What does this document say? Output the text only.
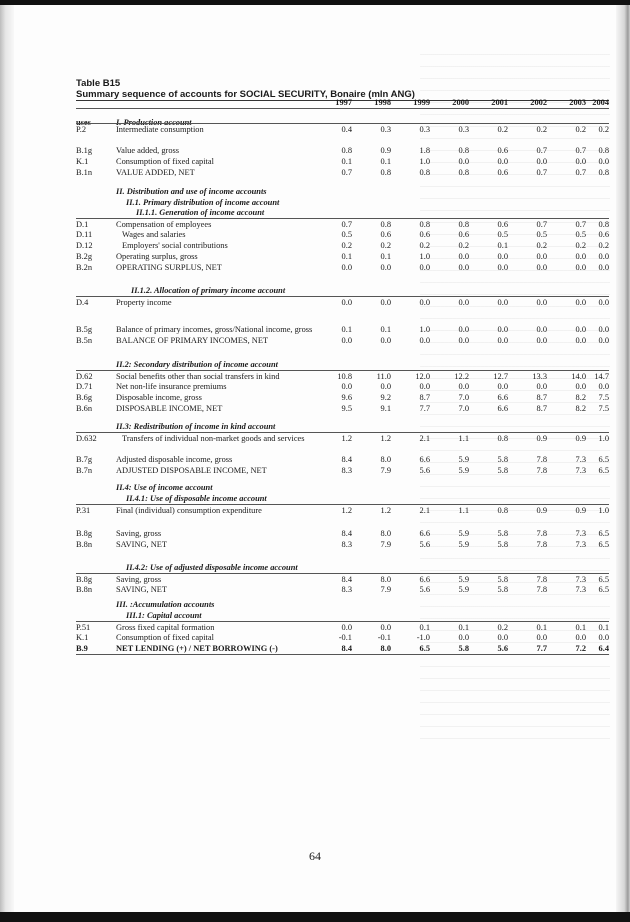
Table B15
Summary sequence of accounts for SOCIAL SECURITY, Bonaire (mln ANG)
1997	1998	1999	2000	2001	2002	2003 2004
uses	I. Production account
P.2	Intermediate consumption	0.4	0.3	0.3	0.3	0.2	0.2	0.2	0.2
B.1g	Value added, gross	0.8	0.9	1.8	0.8	0.6	0.7	0.7	0.8
K.1	Consumption of fixed capital	0.1	0.1	1.0	0.0	0.0	0.0	0.0	0.0
B.1n	VALUE ADDED, NET	0.7	0.8	0.8	0.8	0.6	0.7	0.7	0.8
D.1	Compensation of employees	0.7	0.8	0.8	0.8	0.6	0.7	0.7	0.8
D.11	Wages and salaries	0.5	0.6	0.6	0.6	0.5	0.5	0.5	0.6
D.12	Employers' social contributions	0.2	0.2	0.2	0.2	0.1	0.2	0.2	0.2
B.2g	Operating surplus, gross	0.1	0.1	1.0	0.0	0.0	0.0	0.0	0.0
B.2n	OPERATING SURPLUS, NET	0.0	0.0	0.0	0.0	0.0	0.0	0.0	0.0
D.4	Property income	0.0	0.0	0.0	0.0	0.0	0.0	0.0	0.0
B.5g	Balance of primary incomes, gross/National income, gross	0.1	0.1	1.0	0.0	0.0	0.0	0.0	0.0
B.5n	BALANCE OF PRIMARY INCOMES, NET	0.0	0.0	0.0	0.0	0.0	0.0	0.0	0.0
D.62	Social benefits other than social transfers in kind	10.8	11.0	12.0	12.2	12.7	13.3	14.0 14.7
D.71	Net non-life insurance premiums	0.0	0.0	0.0	0.0	0.0	0.0	0.0	0.0
B.6g	Disposable income, gross	9.6	9.2	8.7	7.0	6.6	8.7	8.2	7.5
B.6n	DISPOSABLE INCOME, NET	9.5	9.1	7.7	7.0	6.6	8.7	8.2	7.5
D.632	Transfers of individual non-market goods and services	1.2	1.2	2.1	1.1	0.8	0.9	0.9	1.0
B.7g	Adjusted disposable income, gross	8.4	8.0	6.6	5.9	5.8	7.8	7.3	6.5
B.7n	ADJUSTED DISPOSABLE INCOME, NET	8.3	7.9	5.6	5.9	5.8	7.8	7.3	6.5
P.31	Final (individual) consumption expenditure	1.2	1.2	2.1	1.1	0.8	0.9	0.9	1.0
B.8g	Saving, gross	8.4	8.0	6.6	5.9	5.8	7.8	7.3	6.5
B.8n	SAVING, NET	8.3	7.9	5.6	5.9	5.8	7.8	7.3	6.5
B.8g	Saving, gross	8.4	8.0	6.6	5.9	5.8	7.8	7.3	6.5
B.8n	SAVING, NET	8.3	7.9	5.6	5.9	5.8	7.8	7.3	6.5
P.51	Gross fixed capital formation	0.0	0.0	0.1	0.1	0.2	0.1	0.1	0.1
K.1	Consumption of fixed capital	-0.1	-0.1	-1.0	0.0	0.0	0.0	0.0	0.0
B.9	NET LENDING (+) / NET BORROWING (-)	8.4	8.0	6.5	5.8	5.6	7.7	7.2	6.4
II. Distribution and use of income accounts
II.1. Primary distribution of income account
II.1.1. Generation of income account
II.1.2. Allocation of primary income account
II.2: Secondary distribution of income account
II.3: Redistribution of income in kind account
II.4: Use of income account
II.4.1: Use of disposable income account
II.4.2: Use of adjusted disposable income account
III. :Accumulation accounts
III.1: Capital account
64
